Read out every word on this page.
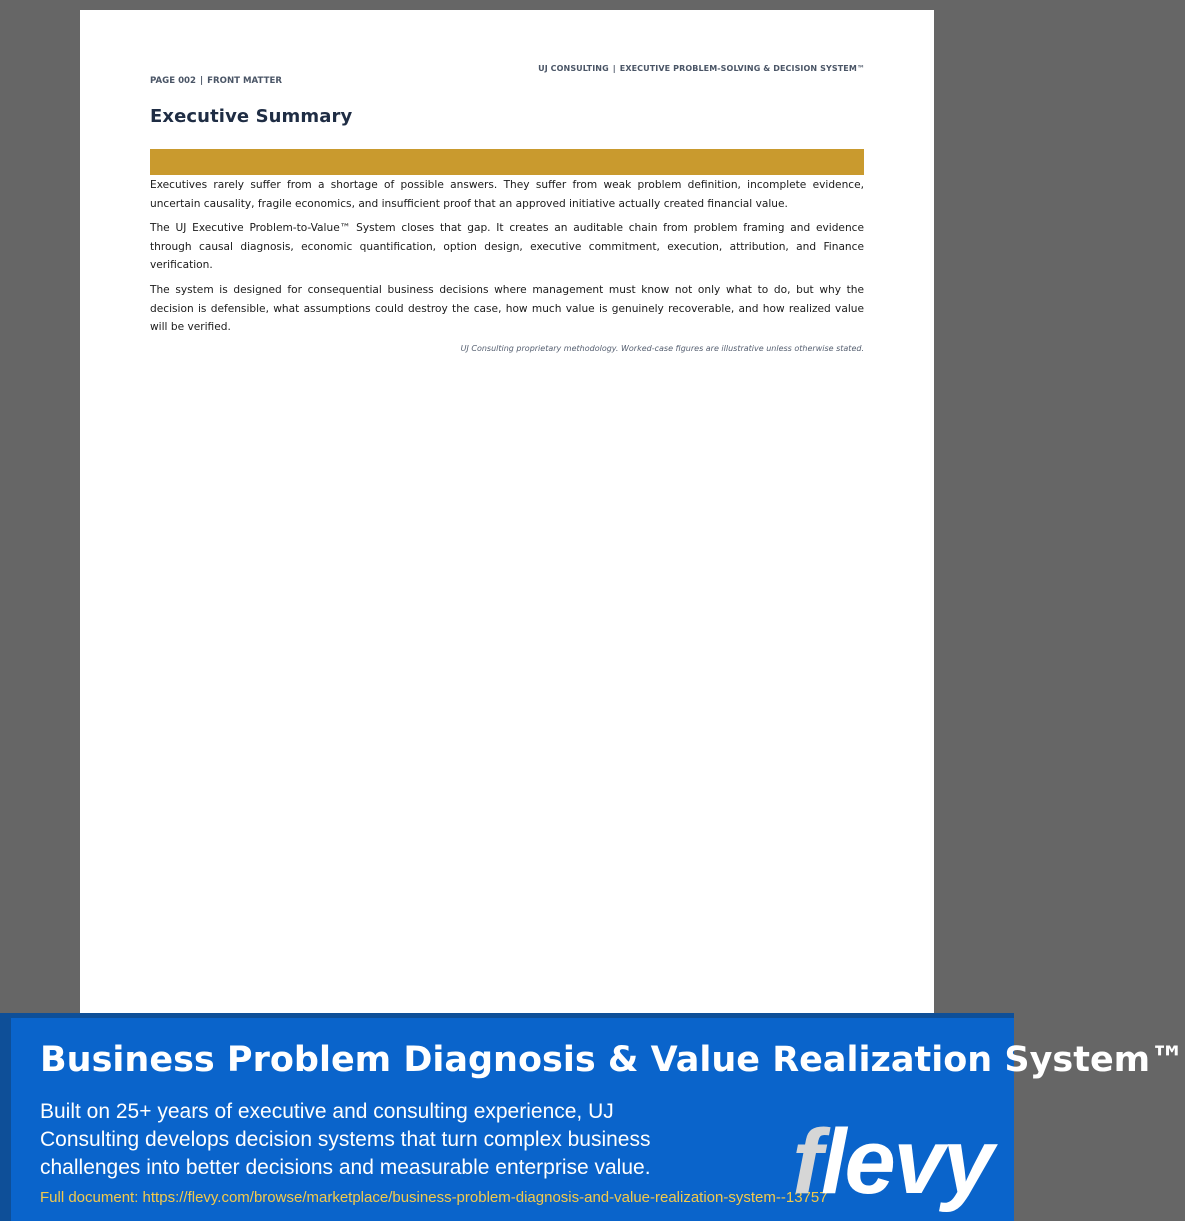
UJ CONSULTING | EXECUTIVE PROBLEM-SOLVING & DECISION SYSTEM™
PAGE 002 | FRONT MATTER
Executive Summary

Executives rarely suffer from a shortage of possible answers. They suffer from weak problem definition, incomplete evidence, uncertain causality, fragile economics, and insufficient proof that an approved initiative actually created financial value.

The UJ Executive Problem-to-Value™ System closes that gap. It creates an auditable chain from problem framing and evidence through causal diagnosis, economic quantification, option design, executive commitment, execution, attribution, and Finance verification.

The system is designed for consequential business decisions where management must know not only what to do, but why the decision is defensible, what assumptions could destroy the case, how much value is genuinely recoverable, and how realized value will be verified.

UJ Consulting proprietary methodology. Worked-case figures are illustrative unless otherwise stated.
Business Problem Diagnosis & Value Realization System™
Built on 25+ years of executive and consulting experience, UJ Consulting develops decision systems that turn complex business challenges into better decisions and measurable enterprise value.
Full document: https://flevy.com/browse/marketplace/business-problem-diagnosis-and-value-realization-system--13757
flevy
